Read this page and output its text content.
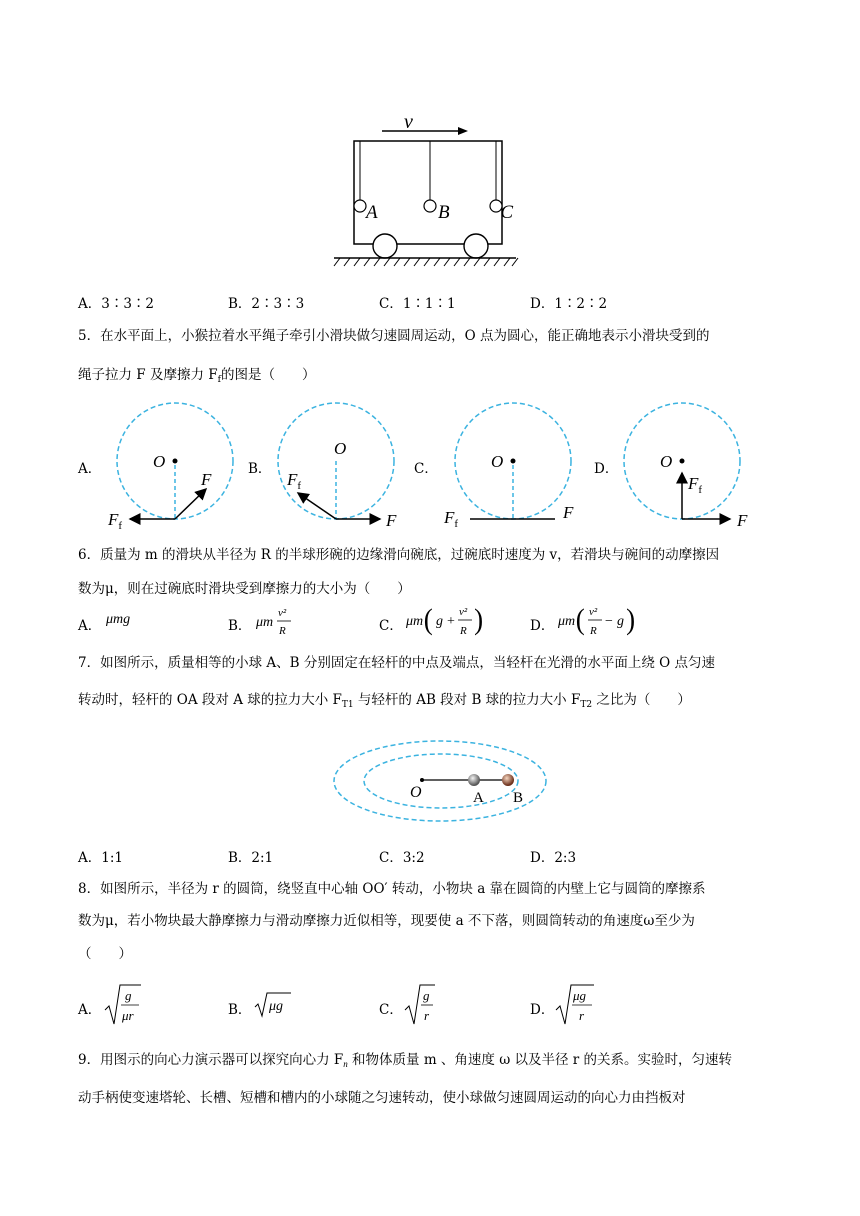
v
A	B	C
A．3∶3∶2	B．2∶3∶3	C．1∶1∶1	D．1∶2∶2
5．在水平面上，小猴拉着水平绳子牵引小滑块做匀速圆周运动，O 点为圆心，能正确地表示小滑块受到的
绳子拉力 F 及摩擦力 $F_f$的图是（　　）
A．	B．	C．	D．
O
F
$F_f$
O
F
$F_f$
O
F
$F_f$
O
F
$F_f$
6．质量为 m 的滑块从半径为 R 的半球形碗的边缘滑向碗底，过碗底时速度为 v，若滑块与碗间的动摩擦因
数为μ，则在过碗底时滑块受到摩擦力的大小为（　　）
A． μmg	B． μm
v²
R	C． μm ( g +
v²
R )	D． μm ( v²
R
− g )
7．如图所示，质量相等的小球 A、B 分别固定在轻杆的中点及端点，当轻杆在光滑的水平面上绕 O 点匀速
转动时，轻杆的 OA 段对 A 球的拉力大小 $F_{T1}$ 与轻杆的 AB 段对 B 球的拉力大小 $F_{T2}$ 之比为（　　）
O	A B
A．1:1	B．2:1	C．3:2	D．2:3
8．如图所示，半径为 r 的圆筒，绕竖直中心轴 OO′ 转动，小物块 a 靠在圆筒的内壁上它与圆筒的摩擦系
数为μ，若小物块最大静摩擦力与滑动摩擦力近似相等，现要使 a 不下落，则圆筒转动的角速度ω至少为
（　　）
A．
g
μr	B． μg	C．
g
r	D．
μg
r
9．用图示的向心力演示器可以探究向心力 $F_n$ 和物体质量 m 、角速度 ω 以及半径 r 的关系。实验时，匀速转
动手柄使变速塔轮、长槽、短槽和槽内的小球随之匀速转动，使小球做匀速圆周运动的向心力由挡板对
